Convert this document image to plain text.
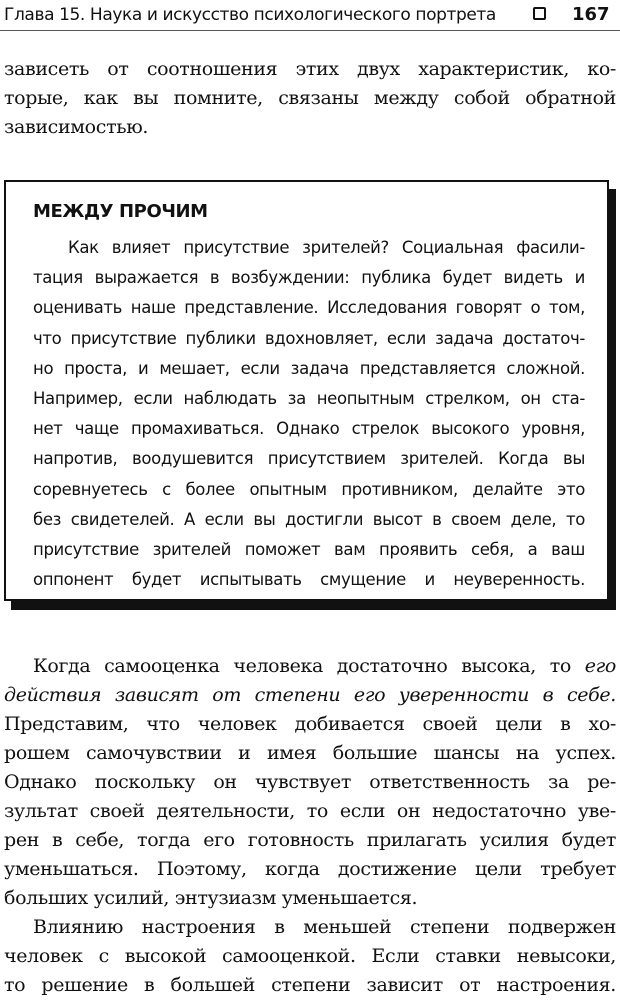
Глава 15. Наука и искусство психологического портрета	167
зависеть от соотношения этих двух характеристик, ко-
торые, как вы помните, связаны между собой обратной
зависимостью.
МЕЖДУ ПРОЧИМ
Как влияет присутствие зрителей? Социальная фасили-
тация выражается в возбуждении: публика будет видеть и
оценивать наше представление. Исследования говорят о том,
что присутствие публики вдохновляет, если задача достаточ-
но проста, и мешает, если задача представляется сложной.
Например, если наблюдать за неопытным стрелком, он ста-
нет чаще промахиваться. Однако стрелок высокого уровня,
напротив, воодушевится присутствием зрителей. Когда вы
соревнуетесь с более опытным противником, делайте это
без свидетелей. А если вы достигли высот в своем деле, то
присутствие зрителей поможет вам проявить себя, а ваш
оппонент будет испытывать смущение и неуверенность.
Когда самооценка человека достаточно высока, то его
действия зависят от степени его уверенности в себе.
Представим, что человек добивается своей цели в хо-
рошем самочувствии и имея большие шансы на успех.
Однако поскольку он чувствует ответственность за ре-
зультат своей деятельности, то если он недостаточно уве-
рен в себе, тогда его готовность прилагать усилия будет
уменьшаться. Поэтому, когда достижение цели требует
больших усилий, энтузиазм уменьшается.
Влиянию настроения в меньшей степени подвержен
человек с высокой самооценкой. Если ставки невысоки,
то решение в большей степени зависит от настроения.
